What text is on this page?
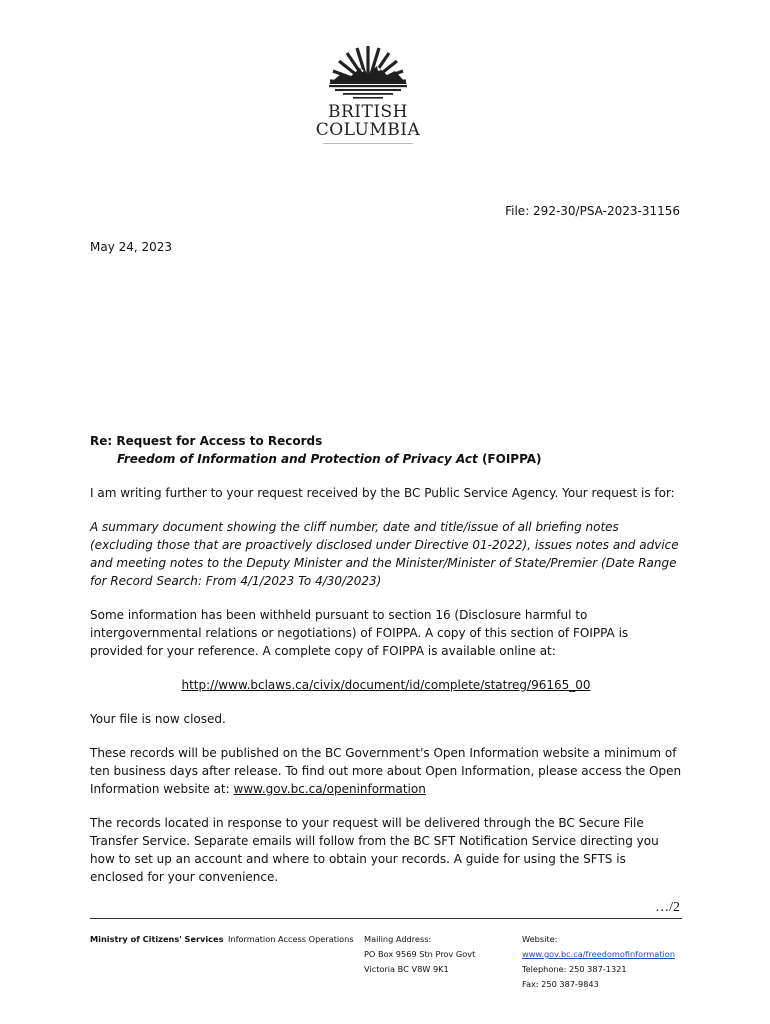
BRITISH
COLUMBIA
File: 292-30/PSA-2023-31156
May 24, 2023
Re: Request for Access to Records
Freedom of Information and Protection of Privacy Act (FOIPPA)

I am writing further to your request received by the BC Public Service Agency. Your request is for:

A summary document showing the cliff number, date and title/issue of all briefing notes (excluding those that are proactively disclosed under Directive 01-2022), issues notes and advice and meeting notes to the Deputy Minister and the Minister/Minister of State/Premier (Date Range for Record Search: From 4/1/2023 To 4/30/2023)

Some information has been withheld pursuant to section 16 (Disclosure harmful to intergovernmental relations or negotiations) of FOIPPA. A copy of this section of FOIPPA is provided for your reference. A complete copy of FOIPPA is available online at:

http://www.bclaws.ca/civix/document/id/complete/statreg/96165_00

Your file is now closed.

These records will be published on the BC Government's Open Information website a minimum of ten business days after release. To find out more about Open Information, please access the Open Information website at: www.gov.bc.ca/openinformation

The records located in response to your request will be delivered through the BC Secure File Transfer Service. Separate emails will follow from the BC SFT Notification Service directing you how to set up an account and where to obtain your records. A guide for using the SFTS is enclosed for your convenience.

…/2
Ministry of Citizens' Services Information Access Operations Mailing Address:
PO Box 9569 Stn Prov Govt
Victoria BC V8W 9K1
Website:
www.gov.bc.ca/freedomofinformation
Telephone: 250 387-1321
Fax: 250 387-9843
